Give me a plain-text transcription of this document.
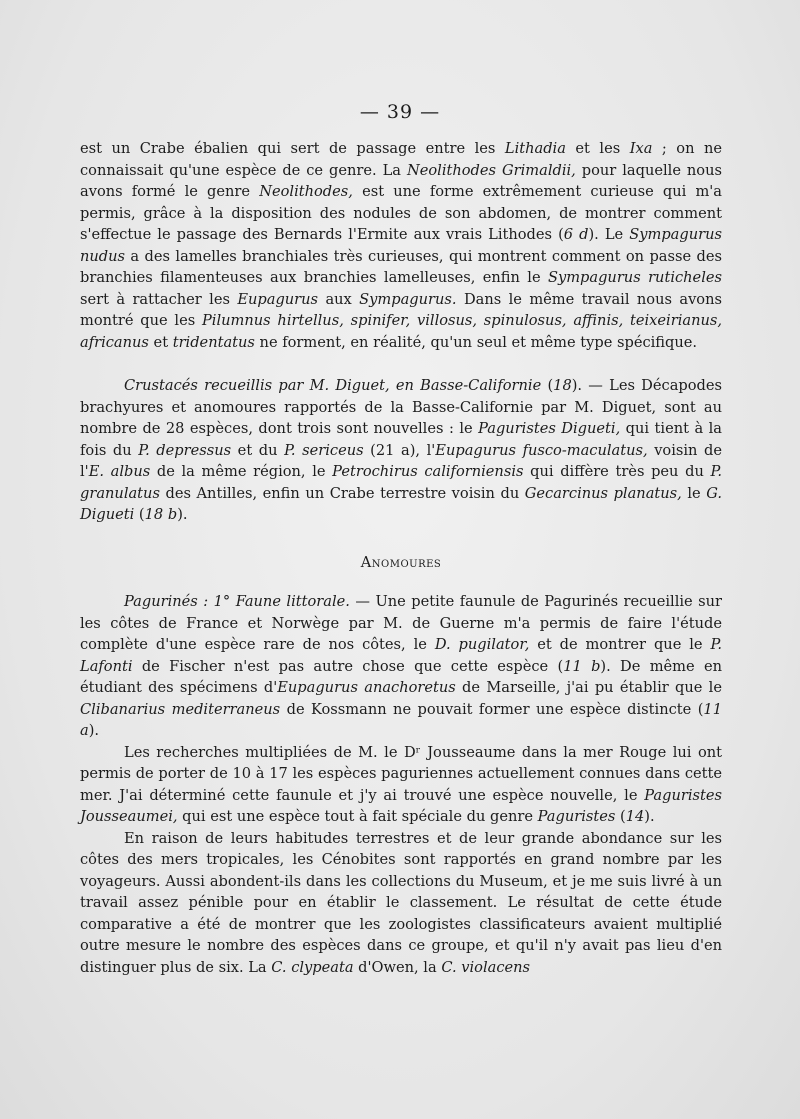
— 39 —

est un Crabe ébalien qui sert de passage entre les Lithadia et les Ixa ; on ne connaissait qu'une espèce de ce genre. La Neolithodes Grimaldii, pour laquelle nous avons formé le genre Neolithodes, est une forme extrêmement curieuse qui m'a permis, grâce à la disposition des nodules de son abdomen, de montrer comment s'effectue le passage des Bernards l'Ermite aux vrais Lithodes (6 d). Le Sympagurus nudus a des lamelles branchiales très curieuses, qui montrent comment on passe des branchies filamenteuses aux branchies lamelleuses, enfin le Sympagurus ruticheles sert à rattacher les Eupagurus aux Sympagurus. Dans le même travail nous avons montré que les Pilumnus hirtellus, spinifer, villosus, spinulosus, affinis, teixeirianus, africanus et tridentatus ne forment, en réalité, qu'un seul et même type spécifique.

Crustacés recueillis par M. Diguet, en Basse-Californie (18). — Les Décapodes brachyures et anomoures rapportés de la Basse-Californie par M. Diguet, sont au nombre de 28 espèces, dont trois sont nouvelles : le Paguristes Digueti, qui tient à la fois du P. depressus et du P. sericeus (21 a), l'Eupagurus fusco-maculatus, voisin de l'E. albus de la même région, le Petrochirus californiensis qui diffère très peu du P. granulatus des Antilles, enfin un Crabe terrestre voisin du Gecarcinus planatus, le G. Digueti (18 b).

Anomoures

Pagurinés : 1° Faune littorale. — Une petite faunule de Pagurinés recueillie sur les côtes de France et Norwège par M. de Guerne m'a permis de faire l'étude complète d'une espèce rare de nos côtes, le D. pugilator, et de montrer que le P. Lafonti de Fischer n'est pas autre chose que cette espèce (11 b). De même en étudiant des spécimens d'Eupagurus anachoretus de Marseille, j'ai pu établir que le Clibanarius mediterraneus de Kossmann ne pouvait former une espèce distincte (11 a).

Les recherches multipliées de M. le Dʳ Jousseaume dans la mer Rouge lui ont permis de porter de 10 à 17 les espèces paguriennes actuellement connues dans cette mer. J'ai déterminé cette faunule et j'y ai trouvé une espèce nouvelle, le Paguristes Jousseaumei, qui est une espèce tout à fait spéciale du genre Paguristes (14).

En raison de leurs habitudes terrestres et de leur grande abondance sur les côtes des mers tropicales, les Cénobites sont rapportés en grand nombre par les voyageurs. Aussi abondent-ils dans les collections du Museum, et je me suis livré à un travail assez pénible pour en établir le classement. Le résultat de cette étude comparative a été de montrer que les zoologistes classificateurs avaient multiplié outre mesure le nombre des espèces dans ce groupe, et qu'il n'y avait pas lieu d'en distinguer plus de six. La C. clypeata d'Owen, la C. violacens
